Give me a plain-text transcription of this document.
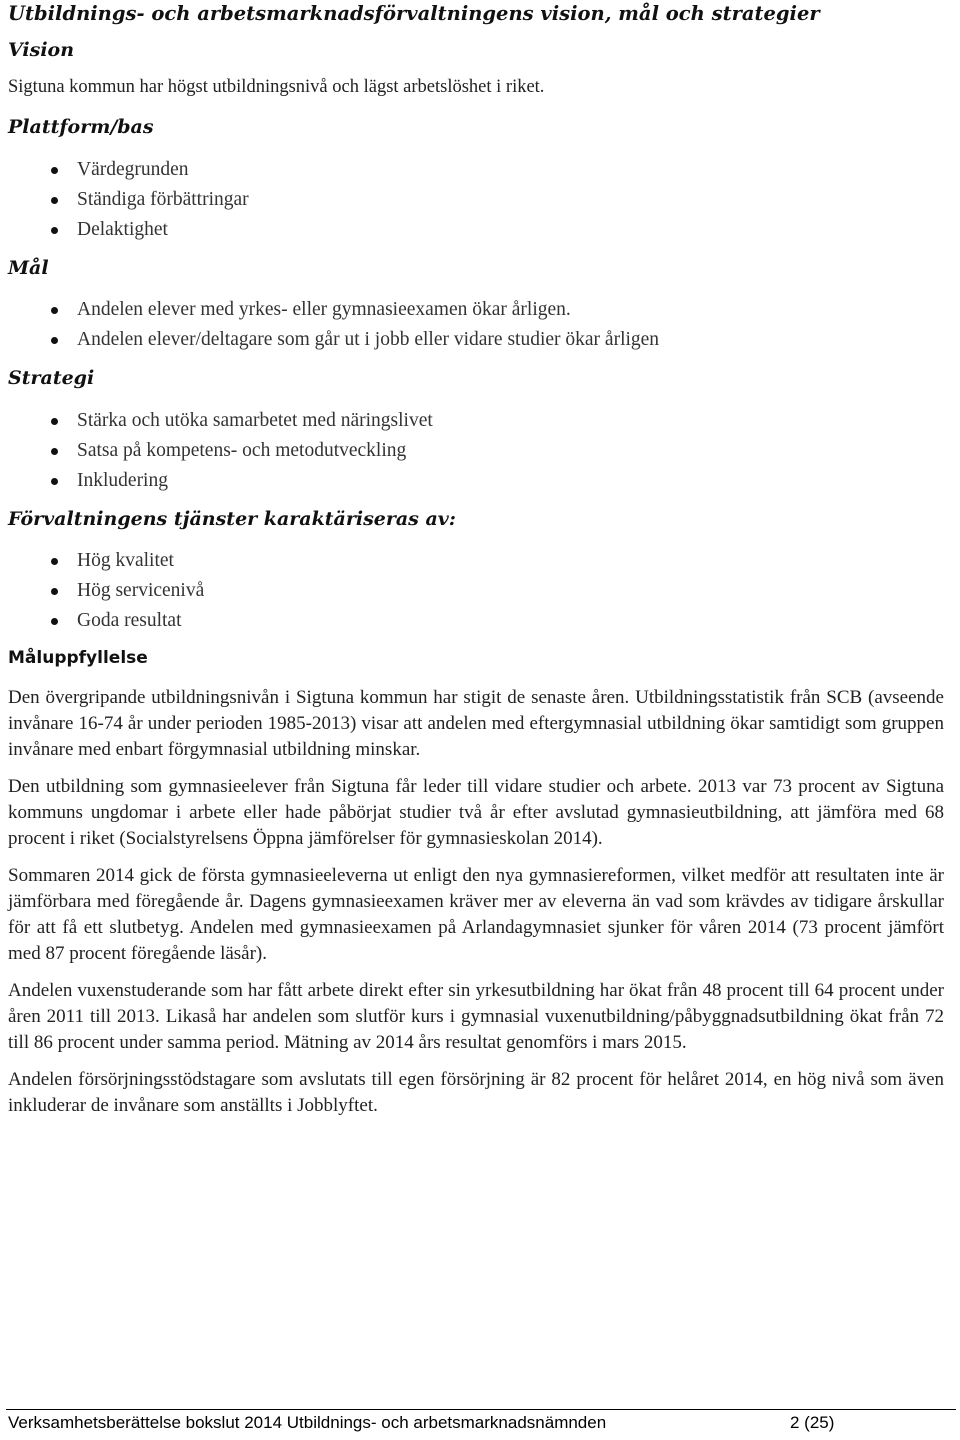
Utbildnings- och arbetsmarknadsförvaltningens vision, mål och strategier
Vision

Sigtuna kommun har högst utbildningsnivå och lägst arbetslöshet i riket.

Plattform/bas
Värdegrunden
Ständiga förbättringar
Delaktighet
Mål
Andelen elever med yrkes- eller gymnasieexamen ökar årligen.
Andelen elever/deltagare som går ut i jobb eller vidare studier ökar årligen
Strategi
Stärka och utöka samarbetet med näringslivet
Satsa på kompetens- och metodutveckling
Inkludering
Förvaltningens tjänster karaktäriseras av:
Hög kvalitet
Hög servicenivå
Goda resultat
Måluppfyllelse

Den övergripande utbildningsnivån i Sigtuna kommun har stigit de senaste åren. Utbildningsstatistik från SCB (avseende invånare 16-74 år under perioden 1985-2013) visar att andelen med eftergymnasial utbildning ökar samtidigt som gruppen invånare med enbart förgymnasial utbildning minskar.

Den utbildning som gymnasieelever från Sigtuna får leder till vidare studier och arbete. 2013 var 73 procent av Sigtuna kommuns ungdomar i arbete eller hade påbörjat studier två år efter avslutad gymnasieutbildning, att jämföra med 68 procent i riket (Socialstyrelsens Öppna jämförelser för gymnasieskolan 2014).

Sommaren 2014 gick de första gymnasieeleverna ut enligt den nya gymnasiereformen, vilket medför att resultaten inte är jämförbara med föregående år. Dagens gymnasieexamen kräver mer av eleverna än vad som krävdes av tidigare årskullar för att få ett slutbetyg. Andelen med gymnasieexamen på Arlandagymnasiet sjunker för våren 2014 (73 procent jämfört med 87 procent föregående läsår).

Andelen vuxenstuderande som har fått arbete direkt efter sin yrkesutbildning har ökat från 48 procent till 64 procent under åren 2011 till 2013. Likaså har andelen som slutför kurs i gymnasial vuxenutbildning/påbyggnadsutbildning ökat från 72 till 86 procent under samma period. Mätning av 2014 års resultat genomförs i mars 2015.

Andelen försörjningsstödstagare som avslutats till egen försörjning är 82 procent för helåret 2014, en hög nivå som även inkluderar de invånare som anställts i Jobblyftet.

Verksamhetsberättelse bokslut 2014 Utbildnings- och arbetsmarknadsnämnden	2 (25)
